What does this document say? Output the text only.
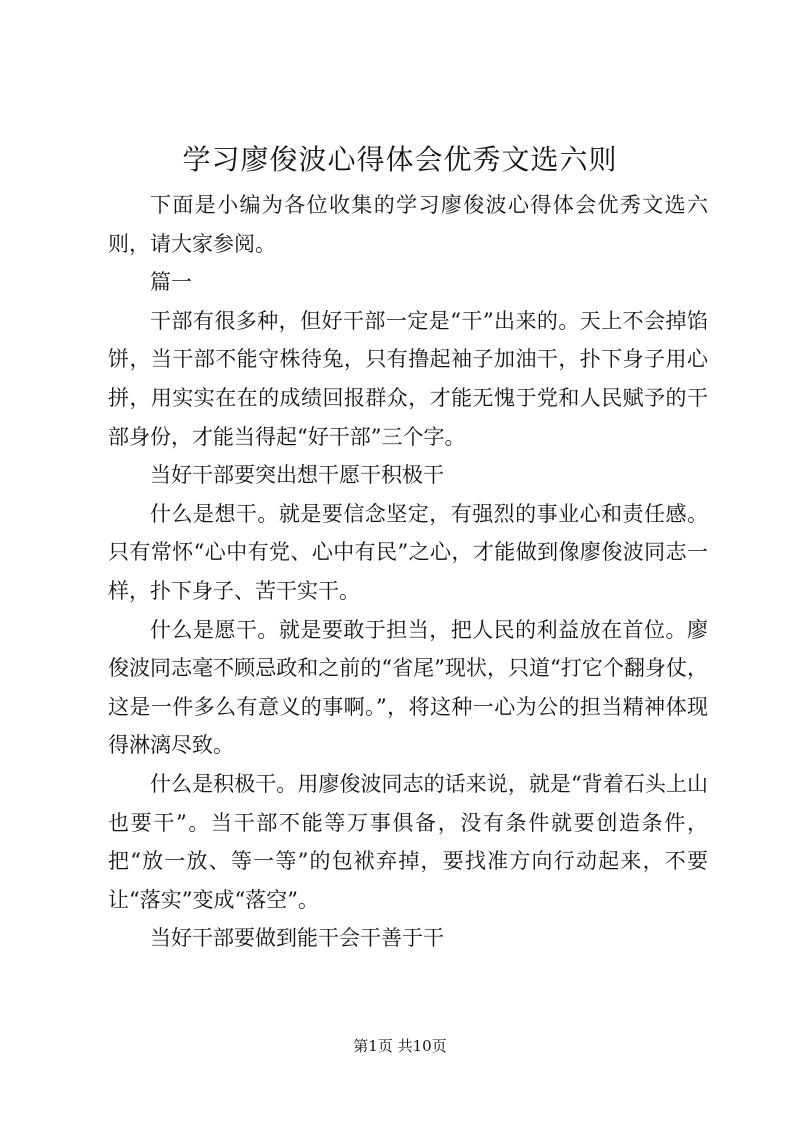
学习廖俊波心得体会优秀文选六则

下面是小编为各位收集的学习廖俊波心得体会优秀文选六则，请大家参阅。

篇一

干部有很多种，但好干部一定是“干”出来的。天上不会掉馅饼，当干部不能守株待兔，只有撸起袖子加油干，扑下身子用心拼，用实实在在的成绩回报群众，才能无愧于党和人民赋予的干部身份，才能当得起“好干部”三个字。

当好干部要突出想干愿干积极干

什么是想干。就是要信念坚定，有强烈的事业心和责任感。只有常怀“心中有党、心中有民”之心，才能做到像廖俊波同志一样，扑下身子、苦干实干。

什么是愿干。就是要敢于担当，把人民的利益放在首位。廖俊波同志毫不顾忌政和之前的“省尾”现状，只道“打它个翻身仗，这是一件多么有意义的事啊。”，将这种一心为公的担当精神体现得淋漓尽致。

什么是积极干。用廖俊波同志的话来说，就是“背着石头上山也要干”。当干部不能等万事俱备，没有条件就要创造条件，把“放一放、等一等”的包袱弃掉，要找准方向行动起来，不要让“落实”变成“落空”。

当好干部要做到能干会干善于干

第1页 共10页
